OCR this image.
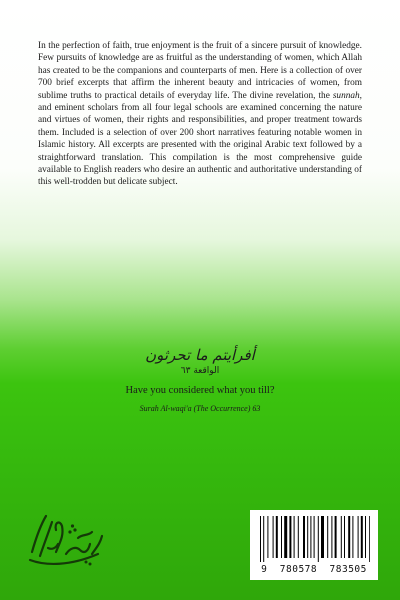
In the perfection of faith, true enjoyment is the fruit of a sincere pursuit of knowledge. Few pursuits of knowledge are as fruitful as the understanding of women, which Allah has created to be the companions and counterparts of men. Here is a collection of over 700 brief excerpts that affirm the inherent beauty and intricacies of women, from sublime truths to practical details of everyday life. The divine revelation, the sunnah, and eminent scholars from all four legal schools are examined concerning the nature and virtues of women, their rights and responsibilities, and proper treatment towards them. Included is a selection of over 200 short narratives featuring notable women in Islamic history. All excerpts are presented with the original Arabic text followed by a straightforward translation. This compilation is the most comprehensive guide available to English readers who desire an authentic and authoritative understanding of this well-trodden but delicate subject.

أفرأيتم ما تحرثون
الواقعة ٦٣
Have you considered what you till?
Surah Al-waqi'a (The Occurrence) 63
9  780578  783505
